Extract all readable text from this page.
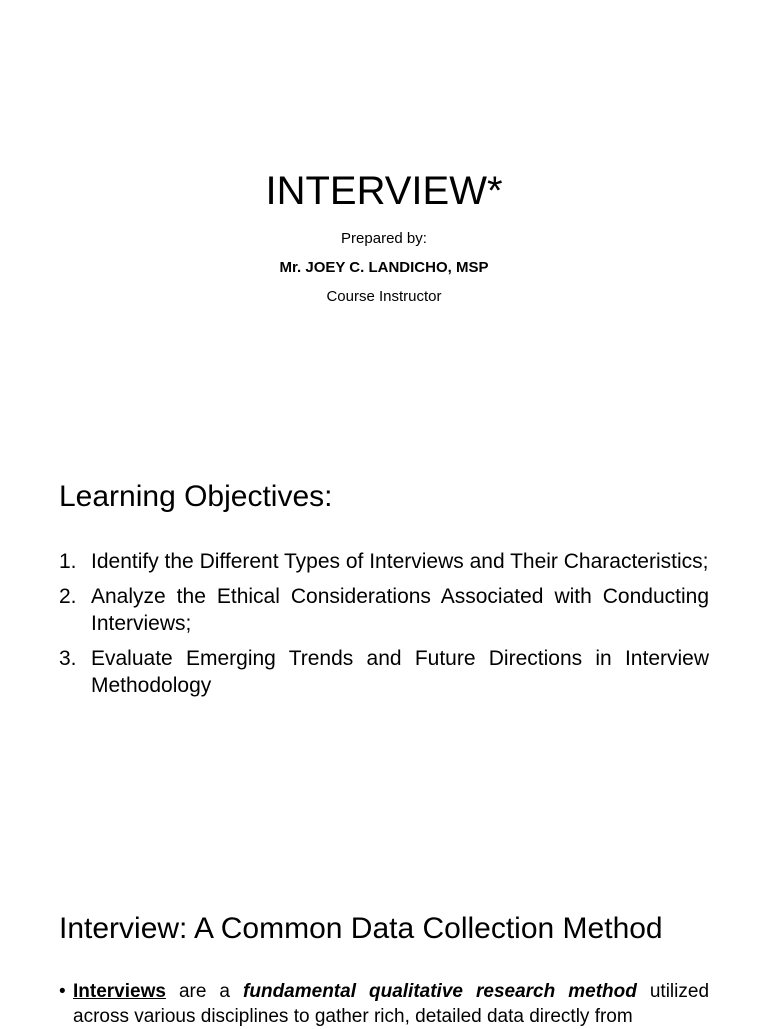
INTERVIEW*
Prepared by:
Mr. JOEY C. LANDICHO, MSP
Course Instructor
Learning Objectives:
1. Identify the Different Types of Interviews and Their Characteristics;
2. Analyze the Ethical Considerations Associated with Conducting Interviews;
3. Evaluate Emerging Trends and Future Directions in Interview Methodology
Interview: A Common Data Collection Method
• Interviews are a fundamental qualitative research method utilized across various disciplines to gather rich, detailed data directly from
